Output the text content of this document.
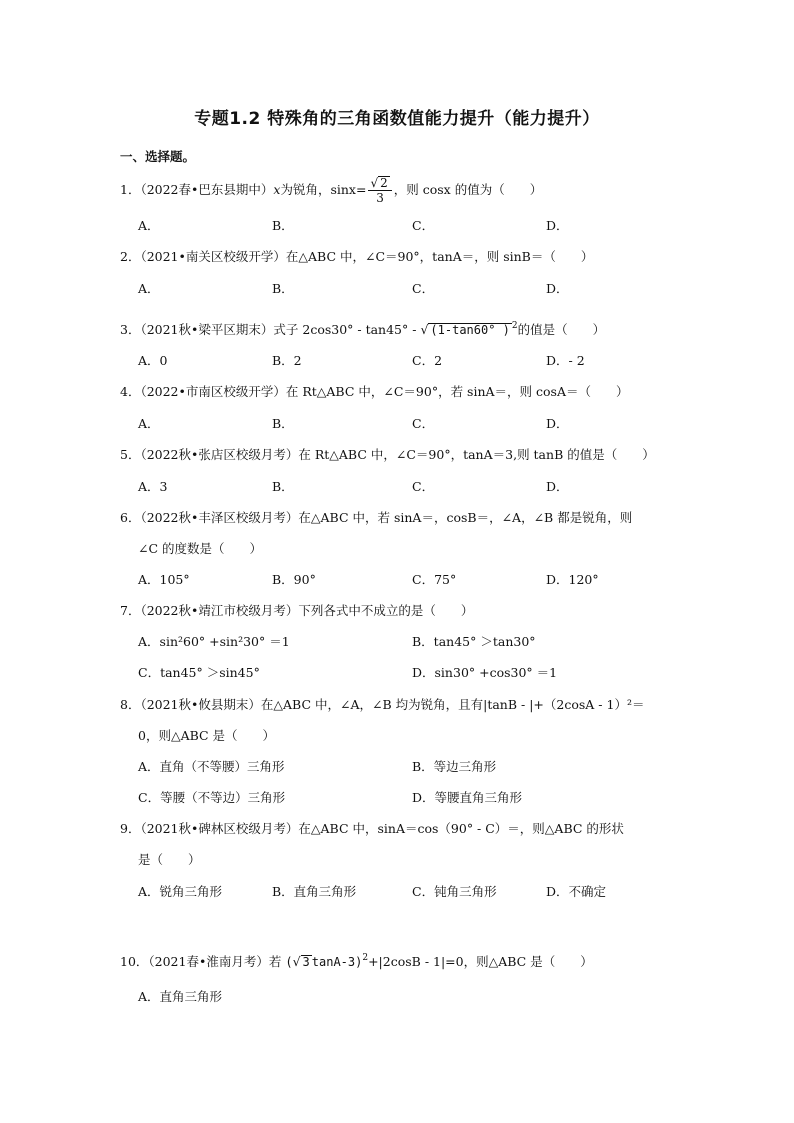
专题1.2 特殊角的三角函数值能力提升（能力提升）
一、选择题。
1．（2022春•巴东县期中）x为锐角，$\sin x= \frac{√ 2}{3}$ ，则 cosx 的值为（　　）
A．	B．	C．	D．
2．（2021•南关区校级开学）在△ABC 中，∠C＝90°，tanA＝，则 sinB＝（　　）
A．	B．	C．	D．
3．（2021秋•梁平区期末）式子 2cos30° - tan45° - √ (1-tan60° ) $^2$的值是（　　）
A．0	B．2	C．2	D．- 2
4．（2022•市南区校级开学）在 Rt△ABC 中，∠C＝90°，若 sinA＝，则 cosA＝（　　）
A．	B．	C．	D．
5．（2022秋•张店区校级月考）在 Rt△ABC 中，∠C＝90°，tanA＝3,则 tanB 的值是（　　）
A．3	B．	C．	D．
6．（2022秋•丰泽区校级月考）在△ABC 中，若 sinA＝，cosB＝，∠A，∠B 都是锐角，则
∠C 的度数是（　　）
A．105°	B．90°	C．75°	D．120°
7．（2022秋•靖江市校级月考）下列各式中不成立的是（　　）
A．sin²60° +sin²30° ＝1	B．tan45° ＞tan30°
C．tan45° ＞sin45°	D．sin30° +cos30° ＝1
8．（2021秋•攸县期末）在△ABC 中，∠A，∠B 均为锐角，且有|tanB - |+（2cosA - 1）²＝
0，则△ABC 是（　　）
A．直角（不等腰）三角形	B．等边三角形
C．等腰（不等边）三角形	D．等腰直角三角形
9．（2021秋•碑林区校级月考）在△ABC 中，sinA＝cos（90° - C）＝，则△ABC 的形状
是（　　）
A．锐角三角形	B．直角三角形	C．钝角三角形	D．不确定
10．（2021春•淮南月考）若 (√ 3 tanA-3)$^2$+|2cosB - 1|=0，则△ABC 是（　　）
A．直角三角形
